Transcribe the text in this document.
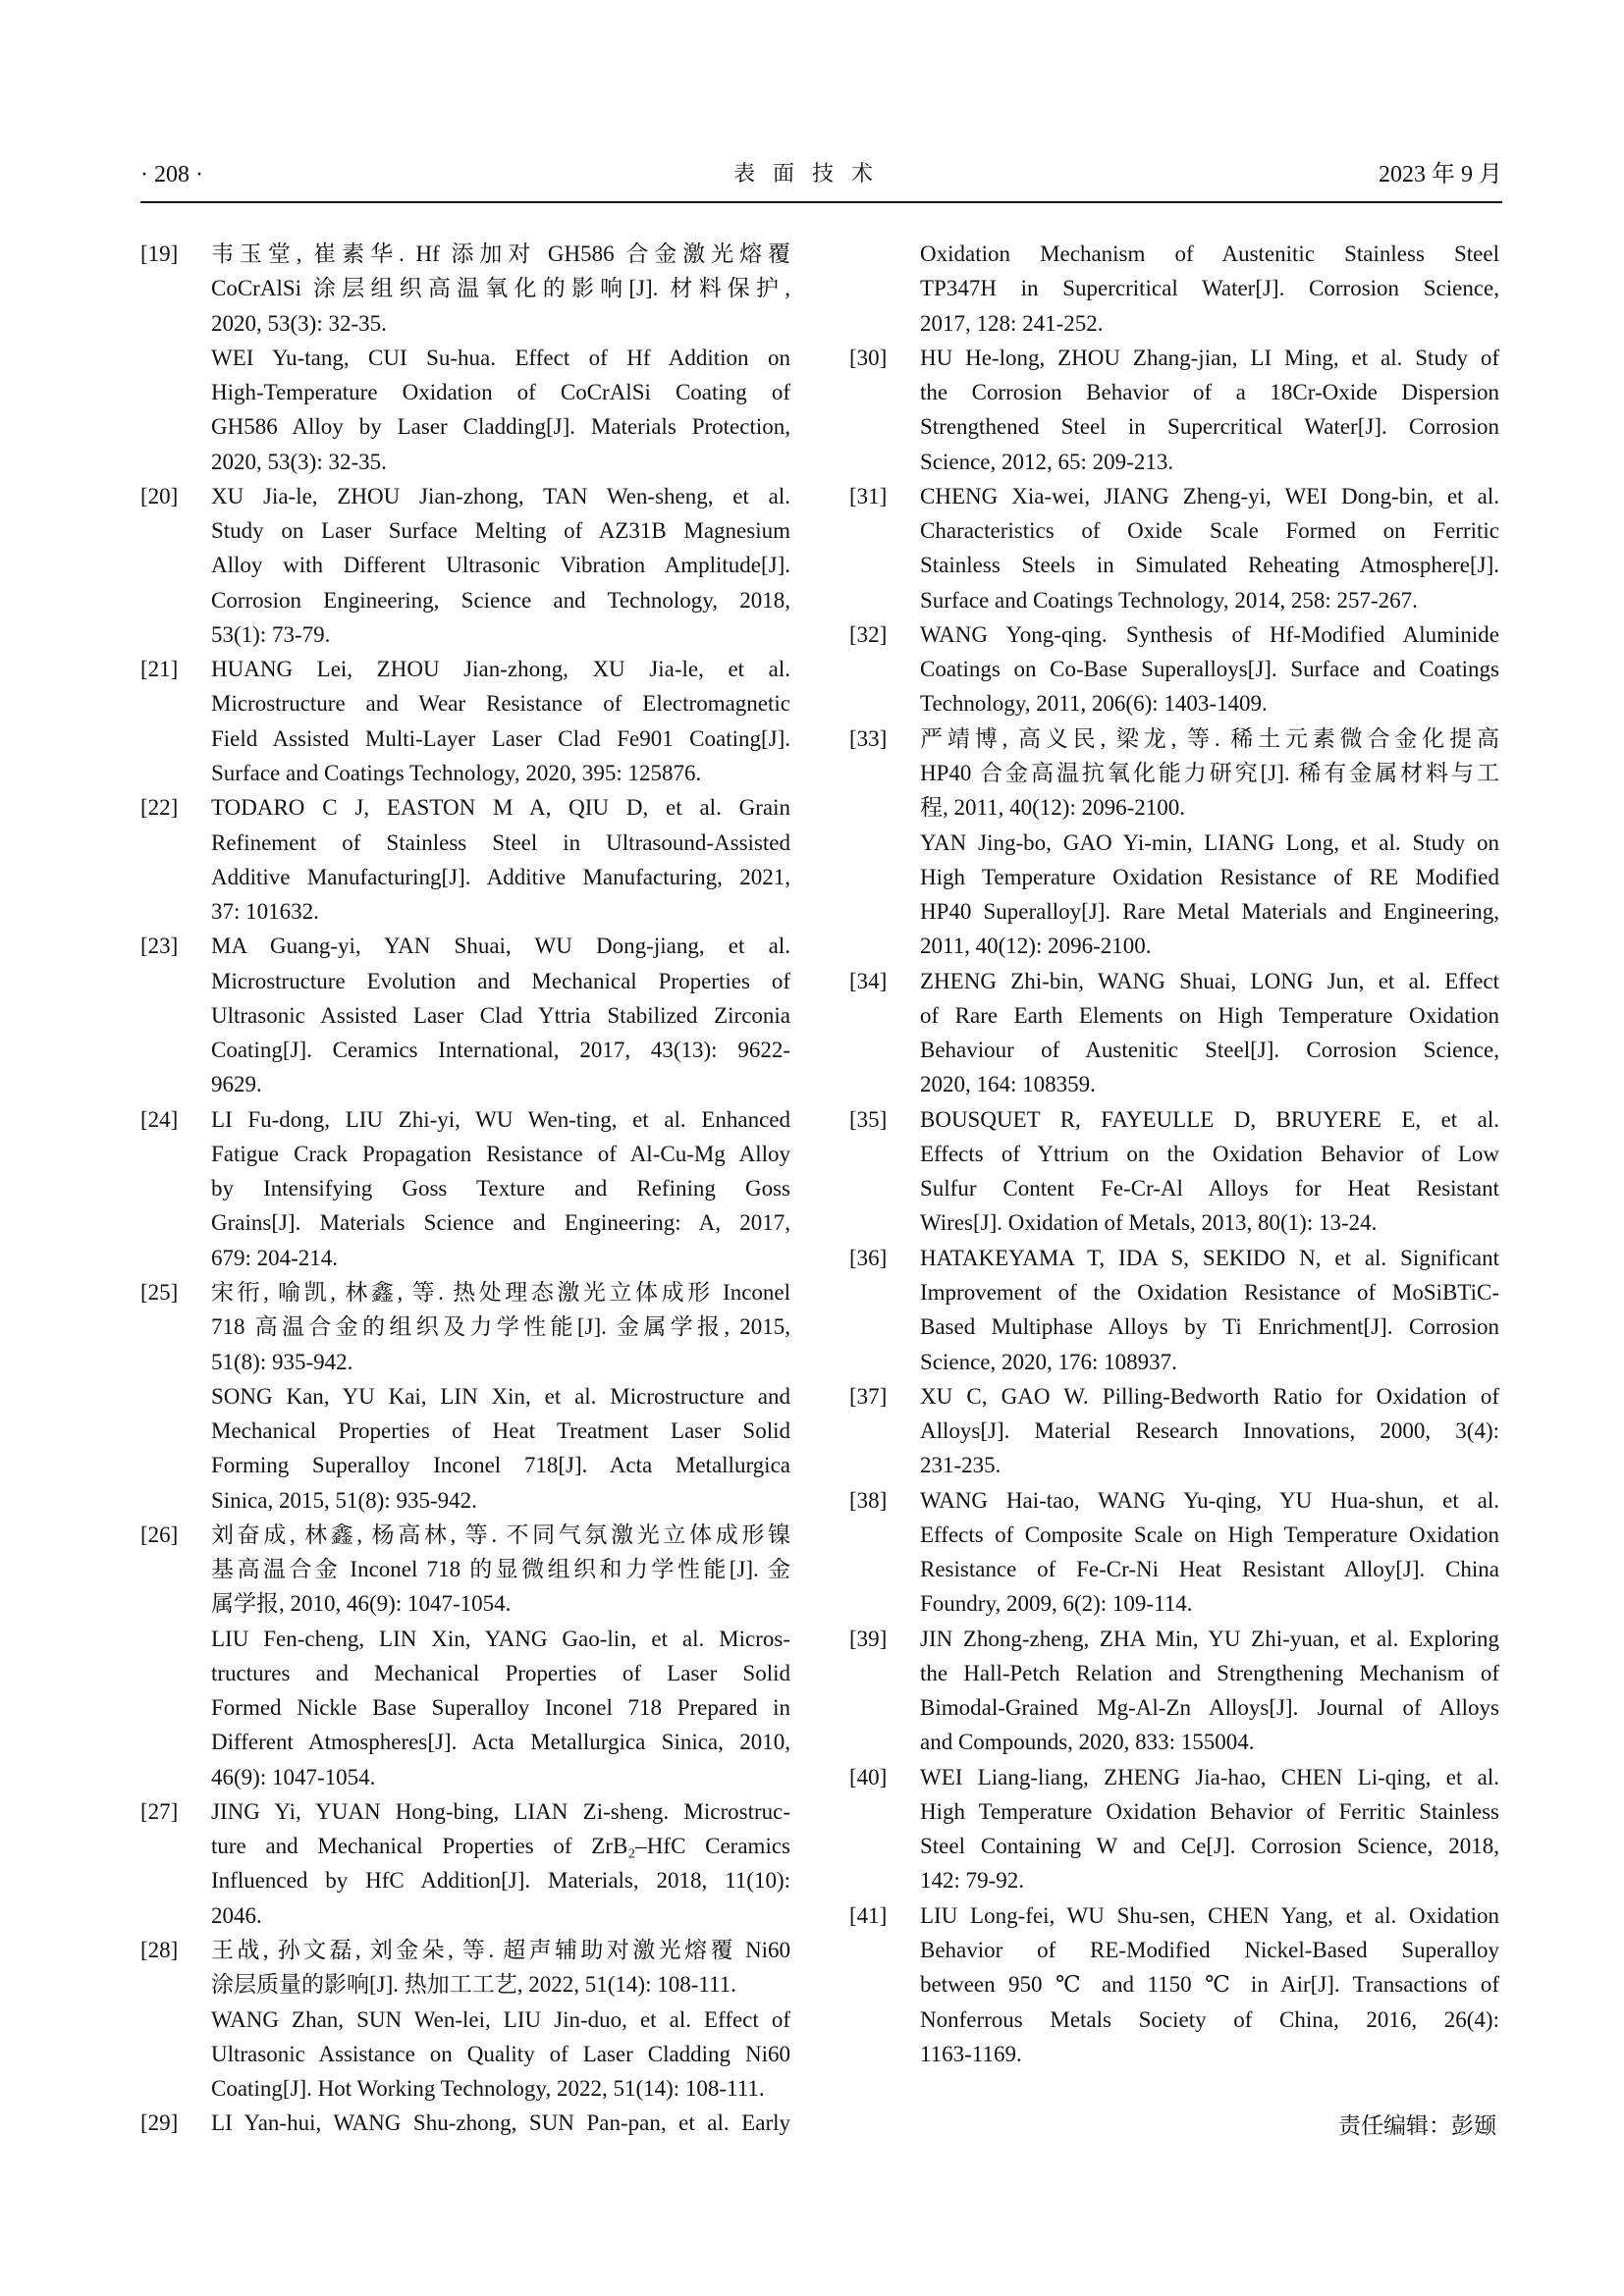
· 208 ·	表面技术	2023 年 9 月
[19] 韦玉堂, 崔素华. Hf 添加对 GH586 合金激光熔覆
CoCrAlSi 涂层组织高温氧化的影响[J]. 材料保护,
2020, 53(3): 32-35.
WEI Yu-tang, CUI Su-hua. Effect of Hf Addition on
High-Temperature Oxidation of CoCrAlSi Coating of
GH586 Alloy by Laser Cladding[J]. Materials Protection,
2020, 53(3): 32-35.
[20] XU Jia-le, ZHOU Jian-zhong, TAN Wen-sheng, et al.
Study on Laser Surface Melting of AZ31B Magnesium
Alloy with Different Ultrasonic Vibration Amplitude[J].
Corrosion Engineering, Science and Technology, 2018,
53(1): 73-79.
[21] HUANG Lei, ZHOU Jian-zhong, XU Jia-le, et al.
Microstructure and Wear Resistance of Electromagnetic
Field Assisted Multi-Layer Laser Clad Fe901 Coating[J].
Surface and Coatings Technology, 2020, 395: 125876.
[22] TODARO C J, EASTON M A, QIU D, et al. Grain
Refinement of Stainless Steel in Ultrasound-Assisted
Additive Manufacturing[J]. Additive Manufacturing, 2021,
37: 101632.
[23] MA Guang-yi, YAN Shuai, WU Dong-jiang, et al.
Microstructure Evolution and Mechanical Properties of
Ultrasonic Assisted Laser Clad Yttria Stabilized Zirconia
Coating[J]. Ceramics International, 2017, 43(13): 9622-
9629.
[24] LI Fu-dong, LIU Zhi-yi, WU Wen-ting, et al. Enhanced
Fatigue Crack Propagation Resistance of Al-Cu-Mg Alloy
by Intensifying Goss Texture and Refining Goss
Grains[J]. Materials Science and Engineering: A, 2017,
679: 204-214.
[25] 宋衎, 喻凯, 林鑫, 等. 热处理态激光立体成形 Inconel
718 高温合金的组织及力学性能[J]. 金属学报, 2015,
51(8): 935-942.
SONG Kan, YU Kai, LIN Xin, et al. Microstructure and
Mechanical Properties of Heat Treatment Laser Solid
Forming Superalloy Inconel 718[J]. Acta Metallurgica
Sinica, 2015, 51(8): 935-942.
[26] 刘奋成, 林鑫, 杨高林, 等. 不同气氛激光立体成形镍
基高温合金 Inconel 718 的显微组织和力学性能[J]. 金
属学报, 2010, 46(9): 1047-1054.
LIU Fen-cheng, LIN Xin, YANG Gao-lin, et al. Micros-
tructures and Mechanical Properties of Laser Solid
Formed Nickle Base Superalloy Inconel 718 Prepared in
Different Atmospheres[J]. Acta Metallurgica Sinica, 2010,
46(9): 1047-1054.
[27] JING Yi, YUAN Hong-bing, LIAN Zi-sheng. Microstruc-
ture and Mechanical Properties of ZrB₂–HfC Ceramics
Influenced by HfC Addition[J]. Materials, 2018, 11(10):
2046.
[28] 王战, 孙文磊, 刘金朵, 等. 超声辅助对激光熔覆 Ni60
涂层质量的影响[J]. 热加工工艺, 2022, 51(14): 108-111.
WANG Zhan, SUN Wen-lei, LIU Jin-duo, et al. Effect of
Ultrasonic Assistance on Quality of Laser Cladding Ni60
Coating[J]. Hot Working Technology, 2022, 51(14): 108-111.
[29] LI Yan-hui, WANG Shu-zhong, SUN Pan-pan, et al. Early
Oxidation Mechanism of Austenitic Stainless Steel
TP347H in Supercritical Water[J]. Corrosion Science,
2017, 128: 241-252.
[30] HU He-long, ZHOU Zhang-jian, LI Ming, et al. Study of
the Corrosion Behavior of a 18Cr-Oxide Dispersion
Strengthened Steel in Supercritical Water[J]. Corrosion
Science, 2012, 65: 209-213.
[31] CHENG Xia-wei, JIANG Zheng-yi, WEI Dong-bin, et al.
Characteristics of Oxide Scale Formed on Ferritic
Stainless Steels in Simulated Reheating Atmosphere[J].
Surface and Coatings Technology, 2014, 258: 257-267.
[32] WANG Yong-qing. Synthesis of Hf-Modified Aluminide
Coatings on Co-Base Superalloys[J]. Surface and Coatings
Technology, 2011, 206(6): 1403-1409.
[33] 严靖博, 高义民, 梁龙, 等. 稀土元素微合金化提高
HP40 合金高温抗氧化能力研究[J]. 稀有金属材料与工
程, 2011, 40(12): 2096-2100.
YAN Jing-bo, GAO Yi-min, LIANG Long, et al. Study on
High Temperature Oxidation Resistance of RE Modified
HP40 Superalloy[J]. Rare Metal Materials and Engineering,
2011, 40(12): 2096-2100.
[34] ZHENG Zhi-bin, WANG Shuai, LONG Jun, et al. Effect
of Rare Earth Elements on High Temperature Oxidation
Behaviour of Austenitic Steel[J]. Corrosion Science,
2020, 164: 108359.
[35] BOUSQUET R, FAYEULLE D, BRUYERE E, et al.
Effects of Yttrium on the Oxidation Behavior of Low
Sulfur Content Fe-Cr-Al Alloys for Heat Resistant
Wires[J]. Oxidation of Metals, 2013, 80(1): 13-24.
[36] HATAKEYAMA T, IDA S, SEKIDO N, et al. Significant
Improvement of the Oxidation Resistance of MoSiBTiC-
Based Multiphase Alloys by Ti Enrichment[J]. Corrosion
Science, 2020, 176: 108937.
[37] XU C, GAO W. Pilling-Bedworth Ratio for Oxidation of
Alloys[J]. Material Research Innovations, 2000, 3(4):
231-235.
[38] WANG Hai-tao, WANG Yu-qing, YU Hua-shun, et al.
Effects of Composite Scale on High Temperature Oxidation
Resistance of Fe-Cr-Ni Heat Resistant Alloy[J]. China
Foundry, 2009, 6(2): 109-114.
[39] JIN Zhong-zheng, ZHA Min, YU Zhi-yuan, et al. Exploring
the Hall-Petch Relation and Strengthening Mechanism of
Bimodal-Grained Mg-Al-Zn Alloys[J]. Journal of Alloys
and Compounds, 2020, 833: 155004.
[40] WEI Liang-liang, ZHENG Jia-hao, CHEN Li-qing, et al.
High Temperature Oxidation Behavior of Ferritic Stainless
Steel Containing W and Ce[J]. Corrosion Science, 2018,
142: 79-92.
[41] LIU Long-fei, WU Shu-sen, CHEN Yang, et al. Oxidation
Behavior of RE-Modified Nickel-Based Superalloy
between 950 ℃ and 1150 ℃ in Air[J]. Transactions of
Nonferrous Metals Society of China, 2016, 26(4):
1163-1169.
责任编辑：彭颋
